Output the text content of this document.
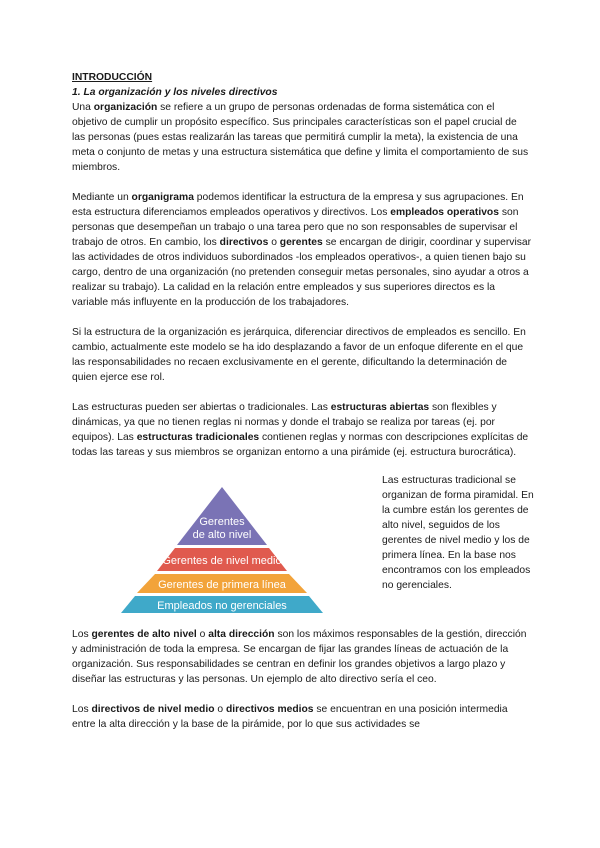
INTRODUCCIÓN
1. La organización y los niveles directivos

Una organización se refiere a un grupo de personas ordenadas de forma sistemática con el objetivo de cumplir un propósito específico. Sus principales características son el papel crucial de las personas (pues estas realizarán las tareas que permitirá cumplir la meta), la existencia de una meta o conjunto de metas y una estructura sistemática que define y limita el comportamiento de sus miembros.

Mediante un organigrama podemos identificar la estructura de la empresa y sus agrupaciones. En esta estructura diferenciamos empleados operativos y directivos. Los empleados operativos son personas que desempeñan un trabajo o una tarea pero que no son responsables de supervisar el trabajo de otros. En cambio, los directivos o gerentes se encargan de dirigir, coordinar y supervisar las actividades de otros individuos subordinados -los empleados operativos-, a quien tienen bajo su cargo, dentro de una organización (no pretenden conseguir metas personales, sino ayudar a otros a realizar su trabajo). La calidad en la relación entre empleados y sus superiores directos es la variable más influyente en la producción de los trabajadores.

Si la estructura de la organización es jerárquica, diferenciar directivos de empleados es sencillo. En cambio, actualmente este modelo se ha ido desplazando a favor de un enfoque diferente en el que las responsabilidades no recaen exclusivamente en el gerente, dificultando la determinación de quien ejerce ese rol.

Las estructuras pueden ser abiertas o tradicionales. Las estructuras abiertas son flexibles y dinámicas, ya que no tienen reglas ni normas y donde el trabajo se realiza por tareas (ej. por equipos). Las estructuras tradicionales contienen reglas y normas con descripciones explícitas de todas las tareas y sus miembros se organizan entorno a una pirámide (ej. estructura burocrática).

Gerentes
de alto nivel
Gerentes de nivel medio
Gerentes de primera línea
Empleados no gerenciales
Las estructuras tradicional se organizan de forma piramidal. En la cumbre están los gerentes de alto nivel, seguidos de los gerentes de nivel medio y los de primera línea. En la base nos encontramos con los empleados no gerenciales.

Los gerentes de alto nivel o alta dirección son los máximos responsables de la gestión, dirección y administración de toda la empresa. Se encargan de fijar las grandes líneas de actuación de la organización. Sus responsabilidades se centran en definir los grandes objetivos a largo plazo y diseñar las estructuras y las personas. Un ejemplo de alto directivo sería el ceo.

Los directivos de nivel medio o directivos medios se encuentran en una posición intermedia entre la alta dirección y la base de la pirámide, por lo que sus actividades se
